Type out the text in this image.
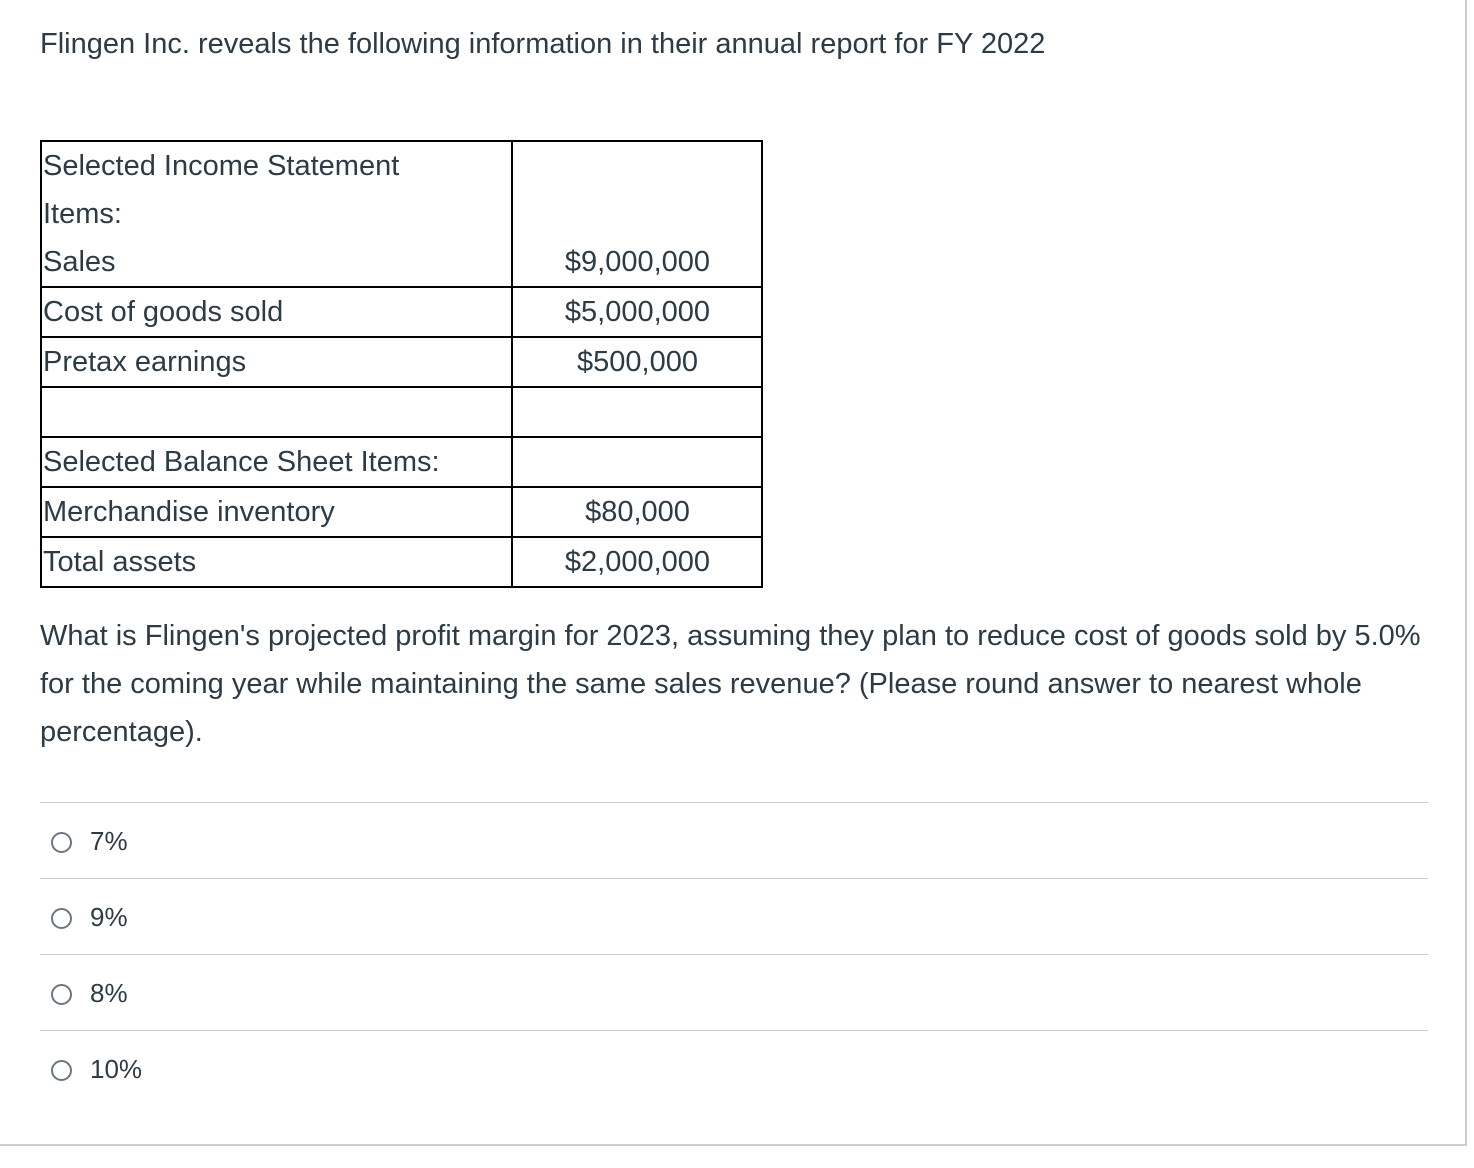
Flingen Inc. reveals the following information in their annual report for FY 2022

Selected Income Statement
Items:
Sales	$9,000,000

Cost of goods sold	$5,000,000

Pretax earnings	$500,000

Selected Balance Sheet Items:	

Merchandise inventory	$80,000

Total assets	$2,000,000

What is Flingen's projected profit margin for 2023, assuming they plan to reduce cost of goods sold by 5.0% for the coming year while maintaining the same sales revenue? (Please round answer to nearest whole percentage).

7%
9%
8%
10%
